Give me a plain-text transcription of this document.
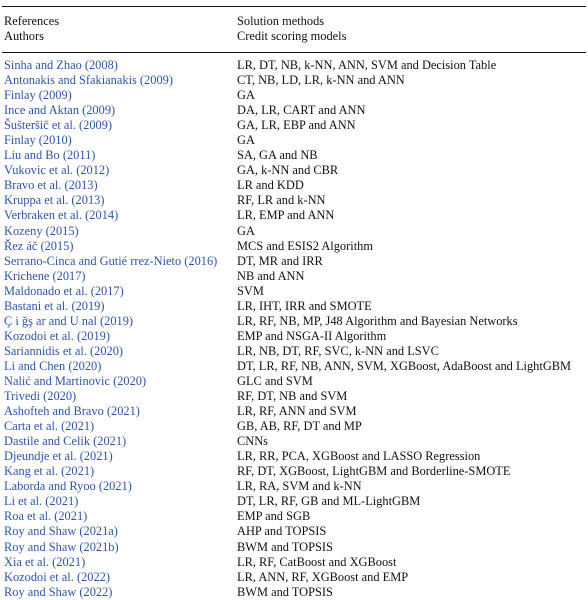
References	Solution methods
Authors	Credit scoring models
Sinha and Zhao (2008)	LR, DT, NB, k-NN, ANN, SVM and Decision Table
Antonakis and Sfakianakis (2009)	CT, NB, LD, LR, k-NN and ANN
Finlay (2009)	GA
Ince and Aktan (2009)	DA, LR, CART and ANN
Šušteršič et al. (2009)	GA, LR, EBP and ANN
Finlay (2010)	GA
Liu and Bo (2011)	SA, GA and NB
Vukovic et al. (2012)	GA, k-NN and CBR
Bravo et al. (2013)	LR and KDD
Kruppa et al. (2013)	RF, LR and k-NN
Verbraken et al. (2014)	LR, EMP and ANN
Kozeny (2015)	GA
Řez áč (2015)	MCS and ESIS2 Algorithm
Serrano-Cinca and Gutié rrez-Nieto (2016) DT, MR and IRR
Krichene (2017)	NB and ANN
Maldonado et al. (2017)	SVM
Bastani et al. (2019)	LR, IHT, IRR and SMOTE
Ç i ğş ar and U nal (2019)	LR, RF, NB, MP, J48 Algorithm and Bayesian Networks
Kozodoi et al. (2019)	EMP and NSGA-II Algorithm
Sariannidis et al. (2020)	LR, NB, DT, RF, SVC, k-NN and LSVC
Li and Chen (2020)	DT, LR, RF, NB, ANN, SVM, XGBoost, AdaBoost and LightGBM
Nalić and Martinovic (2020)	GLC and SVM
Trivedi (2020)	RF, DT, NB and SVM
Ashofteh and Bravo (2021)	LR, RF, ANN and SVM
Carta et al. (2021)	GB, AB, RF, DT and MP
Dastile and Celik (2021)	CNNs
Djeundje et al. (2021)	LR, RR, PCA, XGBoost and LASSO Regression
Kang et al. (2021)	RF, DT, XGBoost, LightGBM and Borderline-SMOTE
Laborda and Ryoo (2021)	LR, RA, SVM and k-NN
Li et al. (2021)	DT, LR, RF, GB and ML-LightGBM
Roa et al. (2021)	EMP and SGB
Roy and Shaw (2021a)	AHP and TOPSIS
Roy and Shaw (2021b)	BWM and TOPSIS
Xia et al. (2021)	LR, RF, CatBoost and XGBoost
Kozodoi et al. (2022)	LR, ANN, RF, XGBoost and EMP
Roy and Shaw (2022)	BWM and TOPSIS
